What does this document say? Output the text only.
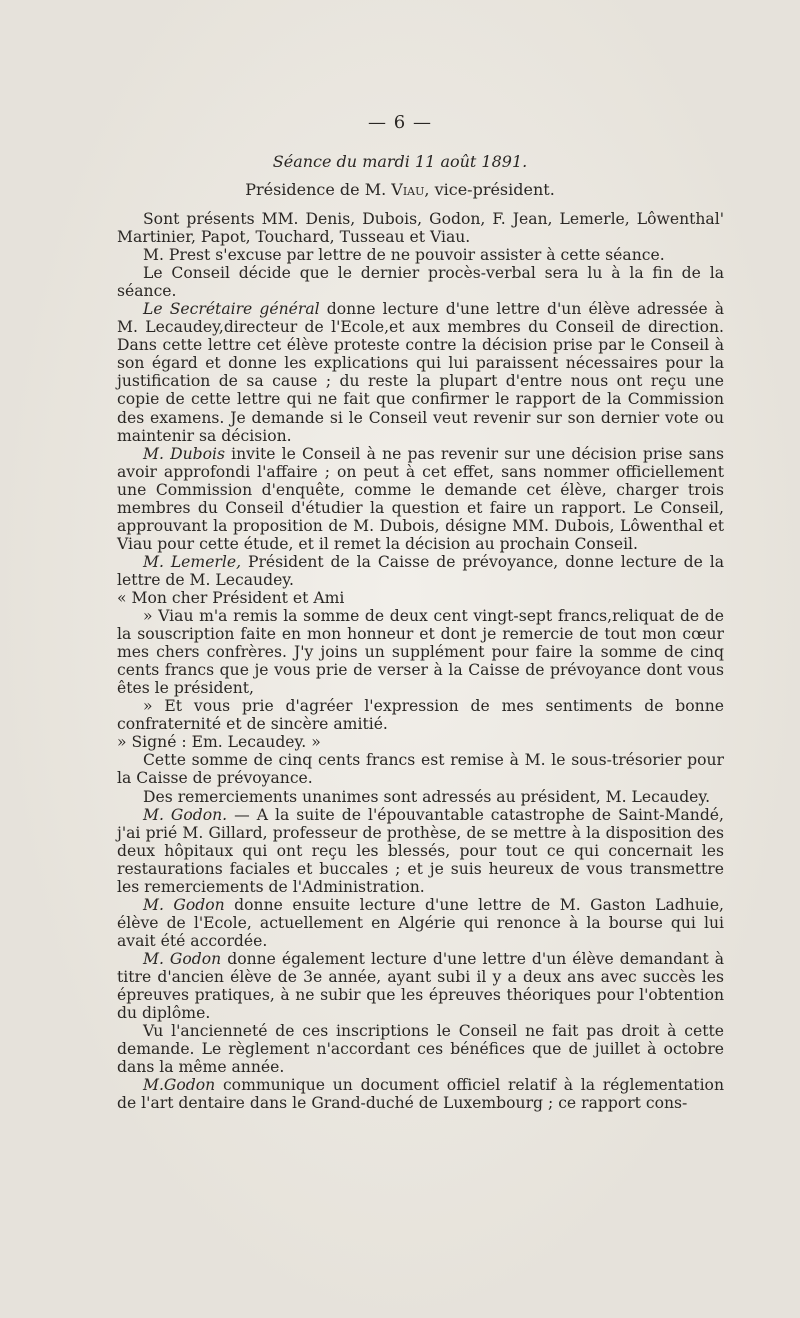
— 6 —
Séance du mardi 11 août 1891.
Présidence de M. Viau, vice-président.

Sont présents MM. Denis, Dubois, Godon, F. Jean, Lemerle, Lôwenthal' Martinier, Papot, Touchard, Tusseau et Viau.

M. Prest s'excuse par lettre de ne pouvoir assister à cette séance.

Le Conseil décide que le dernier procès-verbal sera lu à la fin de la séance.

Le Secrétaire général donne lecture d'une lettre d'un élève adressée à M. Lecaudey,directeur de l'Ecole,et aux membres du Conseil de direction. Dans cette lettre cet élève proteste contre la décision prise par le Conseil à son égard et donne les explications qui lui paraissent nécessaires pour la justification de sa cause ; du reste la plupart d'entre nous ont reçu une copie de cette lettre qui ne fait que confirmer le rapport de la Commission des examens. Je demande si le Conseil veut revenir sur son dernier vote ou maintenir sa décision.

M. Dubois invite le Conseil à ne pas revenir sur une décision prise sans avoir approfondi l'affaire ; on peut à cet effet, sans nommer officiellement une Commission d'enquête, comme le demande cet élève, charger trois membres du Conseil d'étudier la question et faire un rapport. Le Conseil, approuvant la proposition de M. Dubois, désigne MM. Dubois, Lôwenthal et Viau pour cette étude, et il remet la décision au prochain Conseil.

M. Lemerle, Président de la Caisse de prévoyance, donne lecture de la lettre de M. Lecaudey.

« Mon cher Président et Ami

» Viau m'a remis la somme de deux cent vingt-sept francs,reliquat de de la souscription faite en mon honneur et dont je remercie de tout mon cœur mes chers confrères. J'y joins un supplément pour faire la somme de cinq cents francs que je vous prie de verser à la Caisse de prévoyance dont vous êtes le président,

» Et vous prie d'agréer l'expression de mes sentiments de bonne confraternité et de sincère amitié.

» Signé : Em. Lecaudey. »

Cette somme de cinq cents francs est remise à M. le sous-trésorier pour la Caisse de prévoyance.

Des remerciements unanimes sont adressés au président, M. Lecaudey.

M. Godon. — A la suite de l'épouvantable catastrophe de Saint-Mandé, j'ai prié M. Gillard, professeur de prothèse, de se mettre à la disposition des deux hôpitaux qui ont reçu les blessés, pour tout ce qui concernait les restaurations faciales et buccales ; et je suis heureux de vous transmettre les remerciements de l'Administration.

M. Godon donne ensuite lecture d'une lettre de M. Gaston Ladhuie, élève de l'Ecole, actuellement en Algérie qui renonce à la bourse qui lui avait été accordée.

M. Godon donne également lecture d'une lettre d'un élève demandant à titre d'ancien élève de 3e année, ayant subi il y a deux ans avec succès les épreuves pratiques, à ne subir que les épreuves théoriques pour l'obtention du diplôme.

Vu l'ancienneté de ces inscriptions le Conseil ne fait pas droit à cette demande. Le règlement n'accordant ces bénéfices que de juillet à octobre dans la même année.

M.Godon communique un document officiel relatif à la réglementation de l'art dentaire dans le Grand-duché de Luxembourg ; ce rapport cons-
